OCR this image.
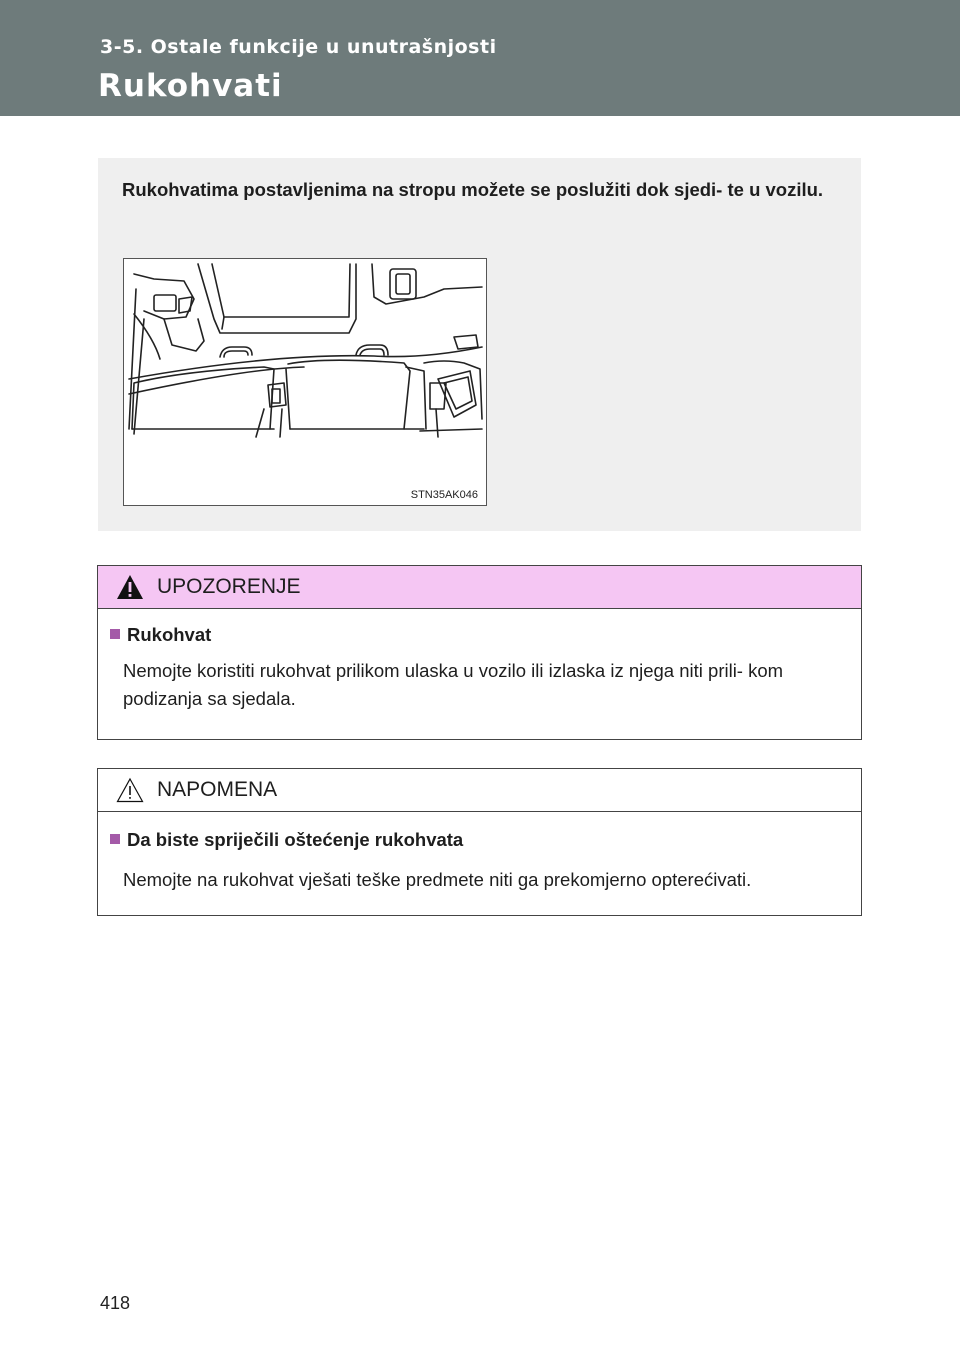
3-5. Ostale funkcije u unutrašnjosti
Rukohvati
Rukohvatima postavljenima na stropu možete se poslužiti dok sjedi- te u vozilu.
STN35AK046
UPOZORENJE
Rukohvat
Nemojte koristiti rukohvat prilikom ulaska u vozilo ili izlaska iz njega niti prili- kom podizanja sa sjedala.
NAPOMENA
Da biste spriječili oštećenje rukohvata
Nemojte na rukohvat vješati teške predmete niti ga prekomjerno opterećivati.
418
